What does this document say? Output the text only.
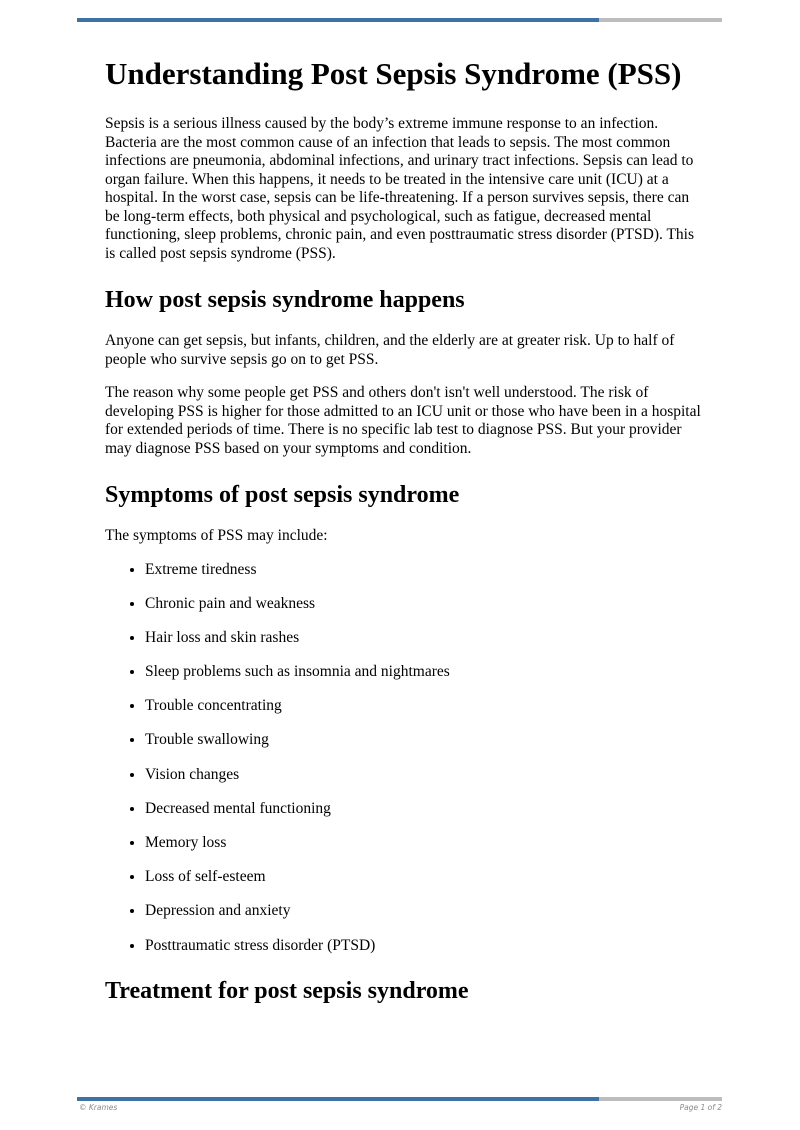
Understanding Post Sepsis Syndrome (PSS)

Sepsis is a serious illness caused by the body’s extreme immune response to an infection. Bacteria are the most common cause of an infection that leads to sepsis. The most common infections are pneumonia, abdominal infections, and urinary tract infections. Sepsis can lead to organ failure. When this happens, it needs to be treated in the intensive care unit (ICU) at a hospital. In the worst case, sepsis can be life-threatening. If a person survives sepsis, there can be long-term effects, both physical and psychological, such as fatigue, decreased mental functioning, sleep problems, chronic pain, and even posttraumatic stress disorder (PTSD). This is called post sepsis syndrome (PSS).

How post sepsis syndrome happens

Anyone can get sepsis, but infants, children, and the elderly are at greater risk. Up to half of people who survive sepsis go on to get PSS.

The reason why some people get PSS and others don't isn't well understood. The risk of developing PSS is higher for those admitted to an ICU unit or those who have been in a hospital for extended periods of time. There is no specific lab test to diagnose PSS. But your provider may diagnose PSS based on your symptoms and condition.

Symptoms of post sepsis syndrome

The symptoms of PSS may include:

• Extreme tiredness
• Chronic pain and weakness
• Hair loss and skin rashes
• Sleep problems such as insomnia and nightmares
• Trouble concentrating
• Trouble swallowing
• Vision changes
• Decreased mental functioning
• Memory loss
• Loss of self-esteem
• Depression and anxiety
• Posttraumatic stress disorder (PTSD)
Treatment for post sepsis syndrome
© Krames	Page 1 of 2
